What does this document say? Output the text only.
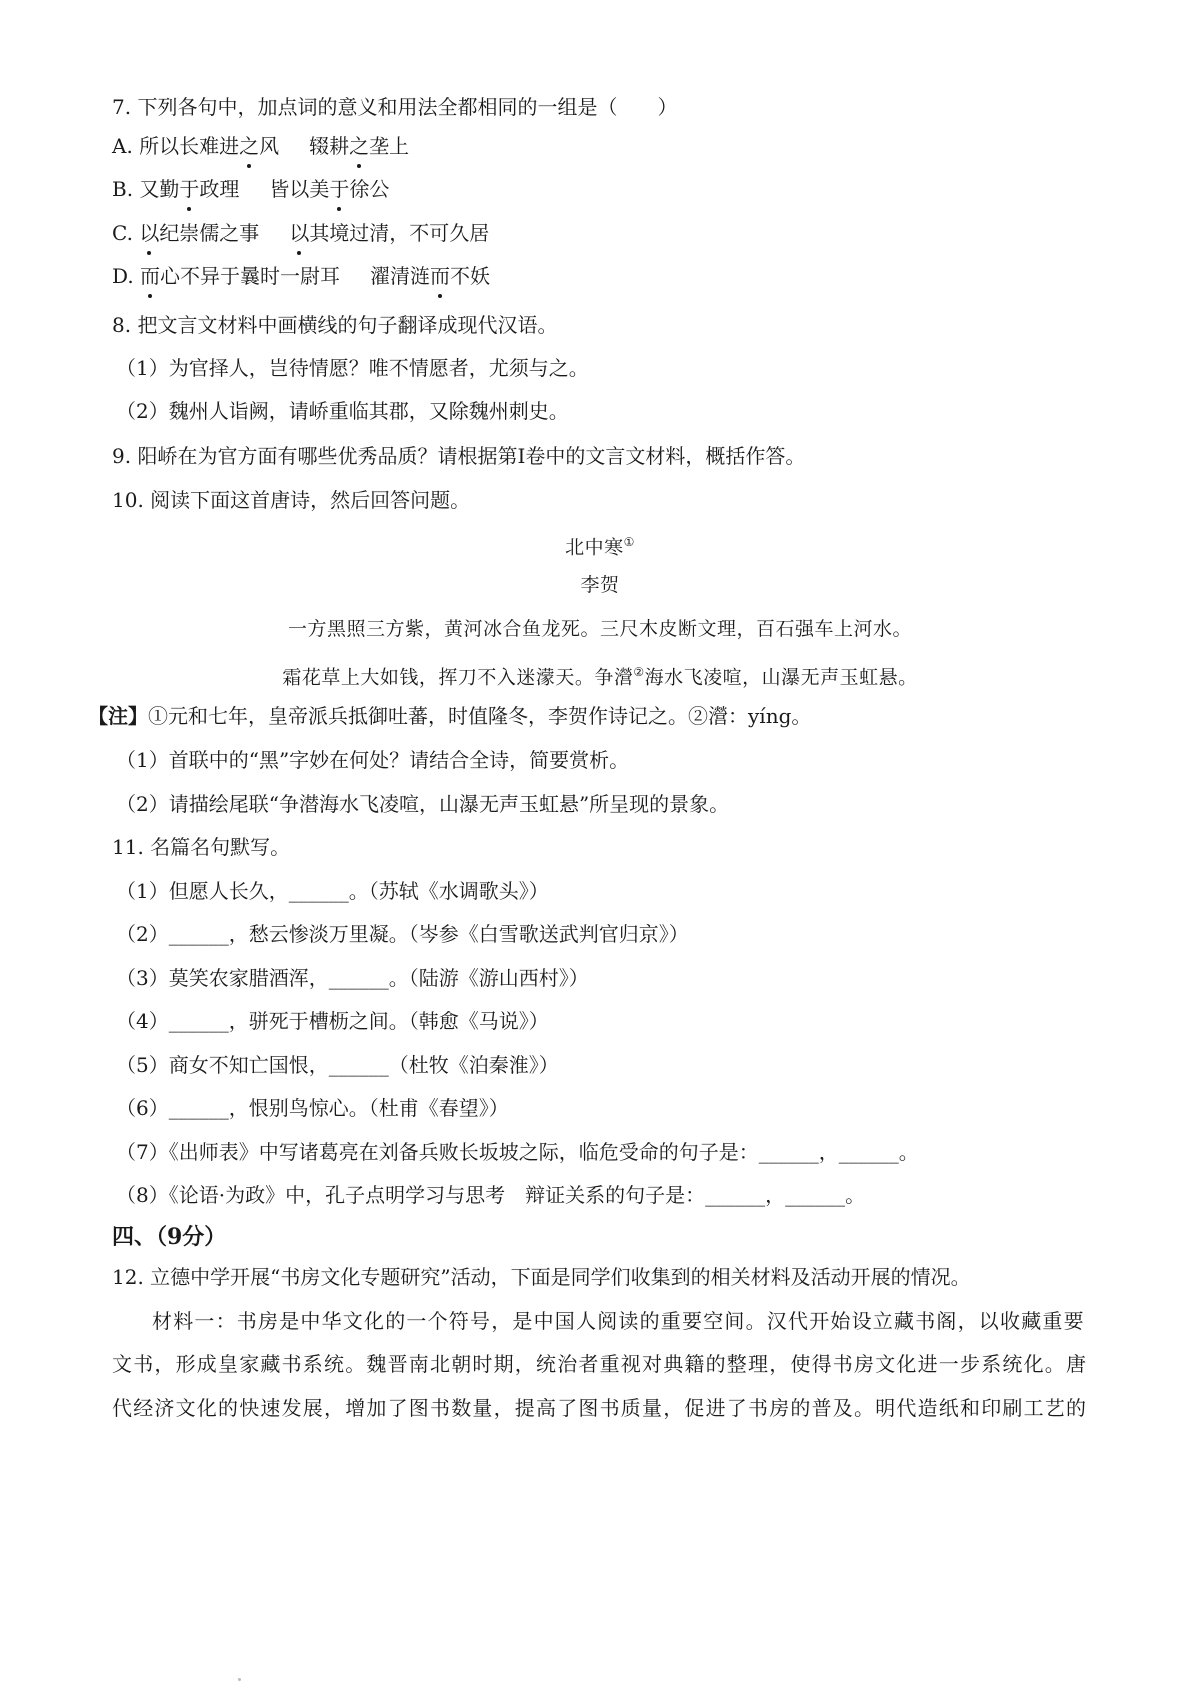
7. 下列各句中，加点词的意义和用法全都相同的一组是（　　）
A. 所以长难进之风 辍耕之垄上
B. 又勤于政理 皆以美于徐公
C. 以纪崇儒之事 以其境过清，不可久居
D. 而心不异于曩时一尉耳 濯清涟而不妖
8. 把文言文材料中画横线的句子翻译成现代汉语。
（1）为官择人，岂待情愿？唯不情愿者，尤须与之。
（2）魏州人诣阙，请峤重临其郡，又除魏州刺史。
9. 阳峤在为官方面有哪些优秀品质？请根据第Ⅰ卷中的文言文材料，概括作答。
10. 阅读下面这首唐诗，然后回答问题。
北中寒①
李贺
一方黑照三方紫，黄河冰合鱼龙死。三尺木皮断文理，百石强车上河水。
霜花草上大如钱，挥刀不入迷濛天。争瀯②海水飞凌喧，山瀑无声玉虹悬。
【注】①元和七年，皇帝派兵抵御吐蕃，时值隆冬，李贺作诗记之。②瀯：yíng。
（1）首联中的“黑”字妙在何处？请结合全诗，简要赏析。
（2）请描绘尾联“争潜海水飞凌喧，山瀑无声玉虹悬”所呈现的景象。
11. 名篇名句默写。
（1）但愿人长久，______。（苏轼《水调歌头》）
（2）______，愁云惨淡万里凝。（岑参《白雪歌送武判官归京》）
（3）莫笑农家腊酒浑，______。（陆游《游山西村》）
（4）______，骈死于槽枥之间。（韩愈《马说》）
（5）商女不知亡国恨，______（杜牧《泊秦淮》）
（6）______，恨别鸟惊心。（杜甫《春望》）
（7）《出师表》中写诸葛亮在刘备兵败长坂坡之际，临危受命的句子是：______，______。
（8）《论语·为政》中，孔子点明学习与思考　辩证关系的句子是：______，______。
四、（9分）
12. 立德中学开展“书房文化专题研究”活动，下面是同学们收集到的相关材料及活动开展的情况。
材料一：书房是中华文化的一个符号，是中国人阅读的重要空间。汉代开始设立藏书阁，以收藏重要
文书，形成皇家藏书系统。魏晋南北朝时期，统治者重视对典籍的整理，使得书房文化进一步系统化。唐
代经济文化的快速发展，增加了图书数量，提高了图书质量，促进了书房的普及。明代造纸和印刷工艺的
